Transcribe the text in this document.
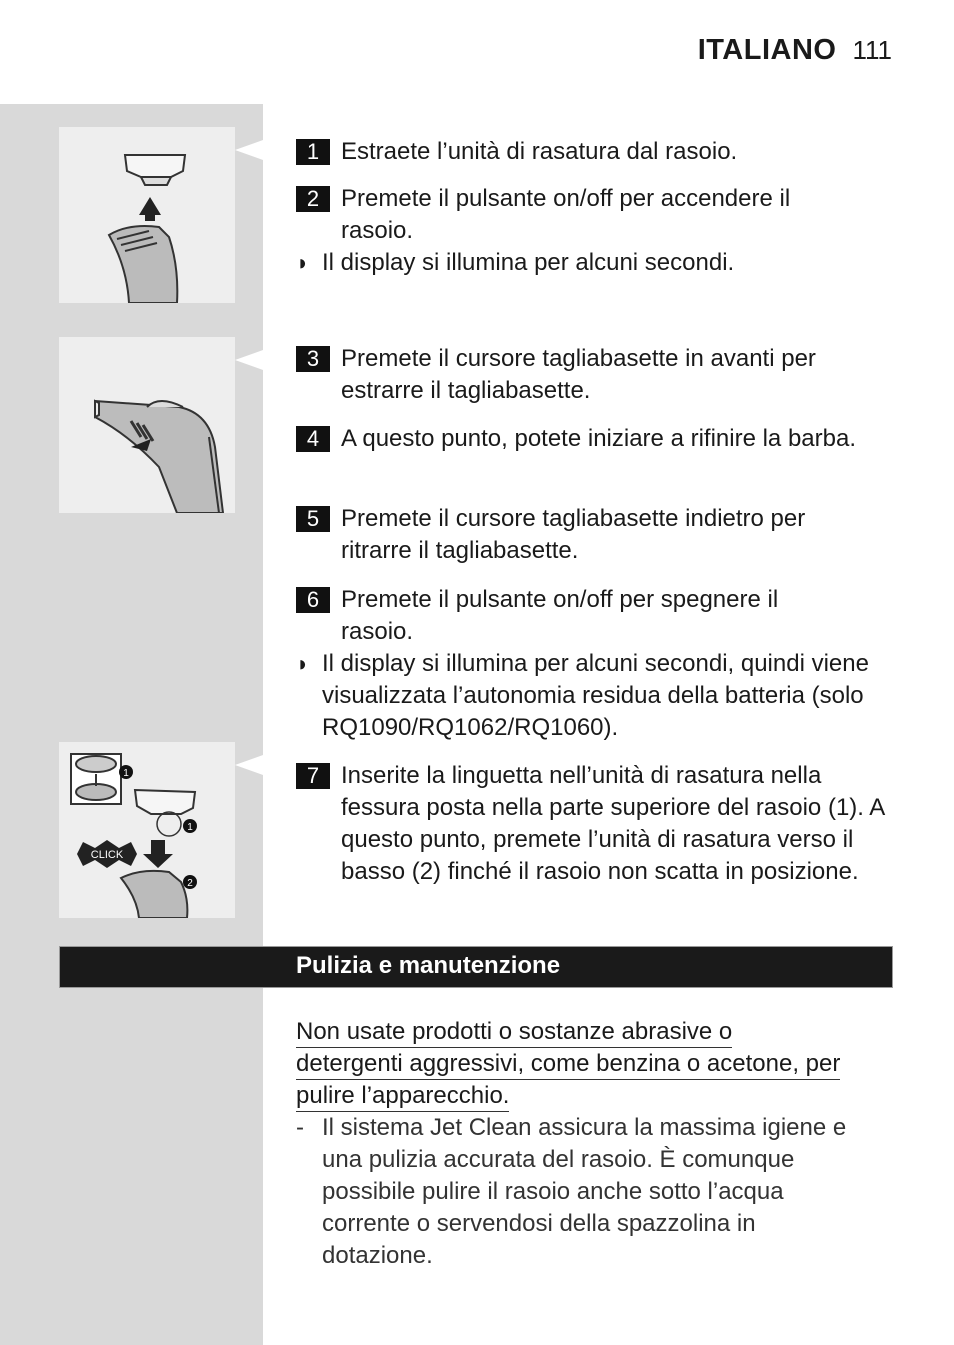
ITALIANO 111
1
1
CLICK
2
1 Estraete l’unità di rasatura dal rasoio.
2 Premete il pulsante on/off per accendere il rasoio.
◗ Il display si illumina per alcuni secondi.
3 Premete il cursore tagliabasette in avanti per estrarre il tagliabasette.
4 A questo punto, potete iniziare a rifinire la barba.
5 Premete il cursore tagliabasette indietro per ritrarre il tagliabasette.
6 Premete il pulsante on/off per spegnere il rasoio.
◗ Il display si illumina per alcuni secondi, quindi viene visualizzata l’autonomia residua della batteria (solo RQ1090/RQ1062/RQ1060).
7 Inserite la linguetta nell’unità di rasatura nella fessura posta nella parte superiore del rasoio (1). A questo punto, premete l’unità di rasatura verso il basso (2) finché il rasoio non scatta in posizione.
Pulizia e manutenzione
Non usate prodotti o sostanze abrasive o
detergenti aggressivi, come benzina o acetone, per
pulire l’apparecchio.
- Il sistema Jet Clean assicura la massima igiene e una pulizia accurata del rasoio. È comunque possibile pulire il rasoio anche sotto l’acqua corrente o servendosi della spazzolina in dotazione.
